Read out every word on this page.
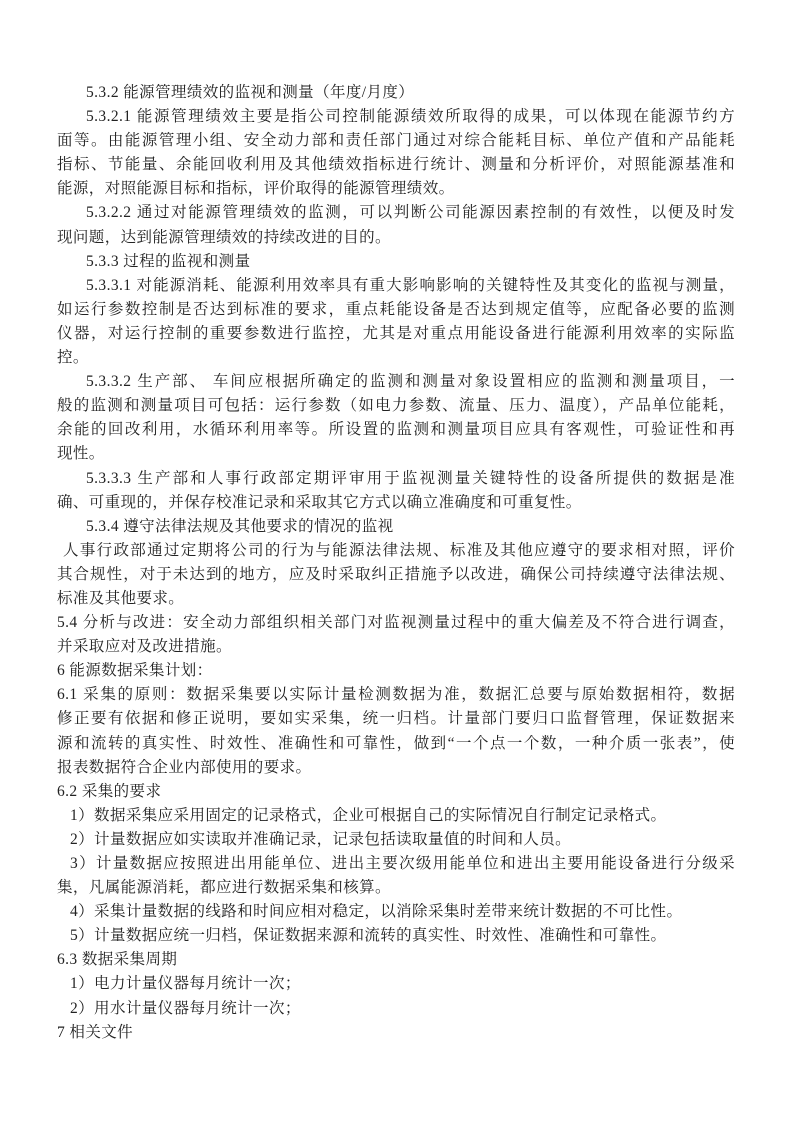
5.3.2 能源管理绩效的监视和测量（年度/月度）
5.3.2.1 能源管理绩效主要是指公司控制能源绩效所取得的成果，可以体现在能源节约方
面等。由能源管理小组、安全动力部和责任部门通过对综合能耗目标、单位产值和产品能耗
指标、节能量、余能回收利用及其他绩效指标进行统计、测量和分析评价，对照能源基准和
能源，对照能源目标和指标，评价取得的能源管理绩效。
5.3.2.2 通过对能源管理绩效的监测，可以判断公司能源因素控制的有效性，以便及时发
现问题，达到能源管理绩效的持续改进的目的。
5.3.3 过程的监视和测量
5.3.3.1 对能源消耗、能源利用效率具有重大影响影响的关键特性及其变化的监视与测量，
如运行参数控制是否达到标准的要求，重点耗能设备是否达到规定值等，应配备必要的监测
仪器，对运行控制的重要参数进行监控，尤其是对重点用能设备进行能源利用效率的实际监
控。
5.3.3.2 生产部、 车间应根据所确定的监测和测量对象设置相应的监测和测量项目，一
般的监测和测量项目可包括：运行参数（如电力参数、流量、压力、温度），产品单位能耗，
余能的回改利用，水循环利用率等。所设置的监测和测量项目应具有客观性，可验证性和再
现性。
5.3.3.3 生产部和人事行政部定期评审用于监视测量关键特性的设备所提供的数据是准
确、可重现的，并保存校准记录和采取其它方式以确立准确度和可重复性。
5.3.4 遵守法律法规及其他要求的情况的监视
人事行政部通过定期将公司的行为与能源法律法规、标准及其他应遵守的要求相对照，评价
其合规性，对于未达到的地方，应及时采取纠正措施予以改进，确保公司持续遵守法律法规、
标准及其他要求。
5.4 分析与改进：安全动力部组织相关部门对监视测量过程中的重大偏差及不符合进行调查，
并采取应对及改进措施。
6 能源数据采集计划：
6.1 采集的原则：数据采集要以实际计量检测数据为准，数据汇总要与原始数据相符，数据
修正要有依据和修正说明，要如实采集，统一归档。计量部门要归口监督管理，保证数据来
源和流转的真实性、时效性、准确性和可靠性，做到“一个点一个数，一种介质一张表”，使
报表数据符合企业内部使用的要求。
6.2 采集的要求
1）数据采集应采用固定的记录格式，企业可根据自己的实际情况自行制定记录格式。
2）计量数据应如实读取并准确记录，记录包括读取量值的时间和人员。
3）计量数据应按照进出用能单位、进出主要次级用能单位和进出主要用能设备进行分级采
集，凡属能源消耗，都应进行数据采集和核算。
4）采集计量数据的线路和时间应相对稳定，以消除采集时差带来统计数据的不可比性。
5）计量数据应统一归档，保证数据来源和流转的真实性、时效性、准确性和可靠性。
6.3 数据采集周期
1）电力计量仪器每月统计一次；
2）用水计量仪器每月统计一次；
7 相关文件
